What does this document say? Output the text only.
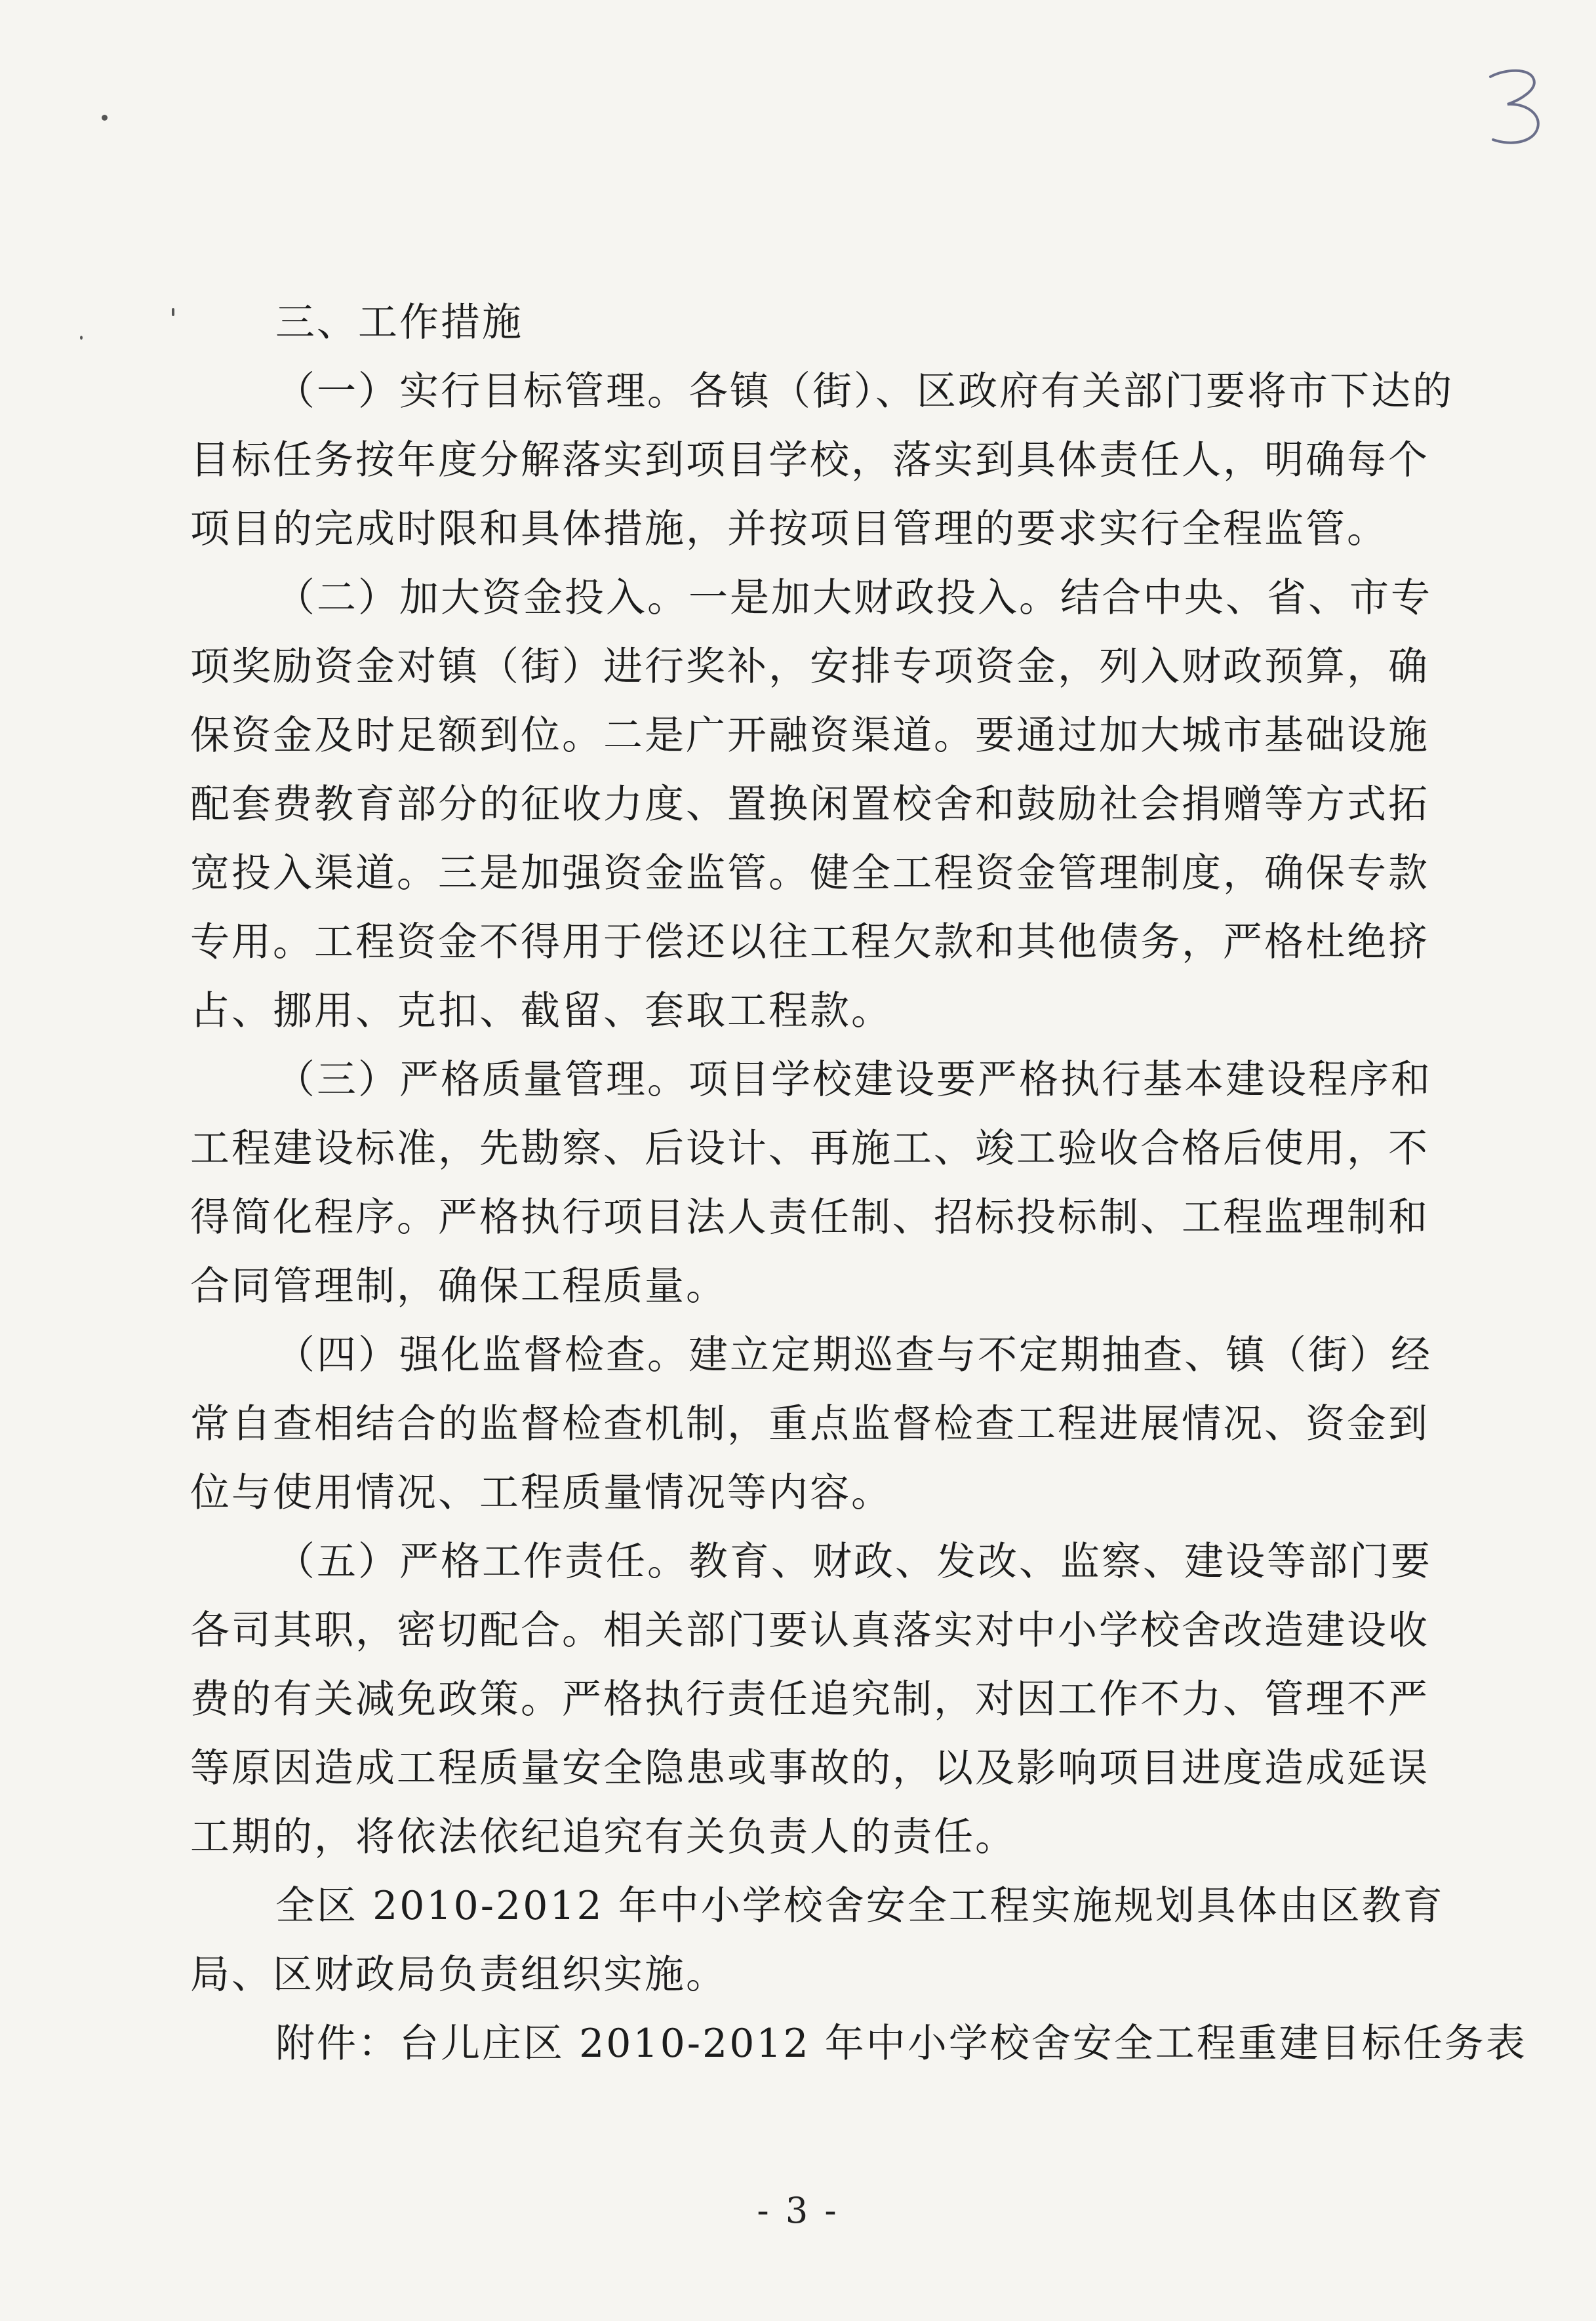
三、工作措施
（一）实行目标管理。各镇（街）、区政府有关部门要将市下达的
目标任务按年度分解落实到项目学校，落实到具体责任人，明确每个
项目的完成时限和具体措施，并按项目管理的要求实行全程监管。
（二）加大资金投入。一是加大财政投入。结合中央、省、市专
项奖励资金对镇（街）进行奖补，安排专项资金，列入财政预算，确
保资金及时足额到位。二是广开融资渠道。要通过加大城市基础设施
配套费教育部分的征收力度、置换闲置校舍和鼓励社会捐赠等方式拓
宽投入渠道。三是加强资金监管。健全工程资金管理制度，确保专款
专用。工程资金不得用于偿还以往工程欠款和其他债务，严格杜绝挤
占、挪用、克扣、截留、套取工程款。
（三）严格质量管理。项目学校建设要严格执行基本建设程序和
工程建设标准，先勘察、后设计、再施工、竣工验收合格后使用，不
得简化程序。严格执行项目法人责任制、招标投标制、工程监理制和
合同管理制，确保工程质量。
（四）强化监督检查。建立定期巡查与不定期抽查、镇（街）经
常自查相结合的监督检查机制，重点监督检查工程进展情况、资金到
位与使用情况、工程质量情况等内容。
（五）严格工作责任。教育、财政、发改、监察、建设等部门要
各司其职，密切配合。相关部门要认真落实对中小学校舍改造建设收
费的有关减免政策。严格执行责任追究制，对因工作不力、管理不严
等原因造成工程质量安全隐患或事故的，以及影响项目进度造成延误
工期的，将依法依纪追究有关负责人的责任。
全区 2010-2012 年中小学校舍安全工程实施规划具体由区教育
局、区财政局负责组织实施。
附件：台儿庄区 2010-2012 年中小学校舍安全工程重建目标任务表
- 3 -
